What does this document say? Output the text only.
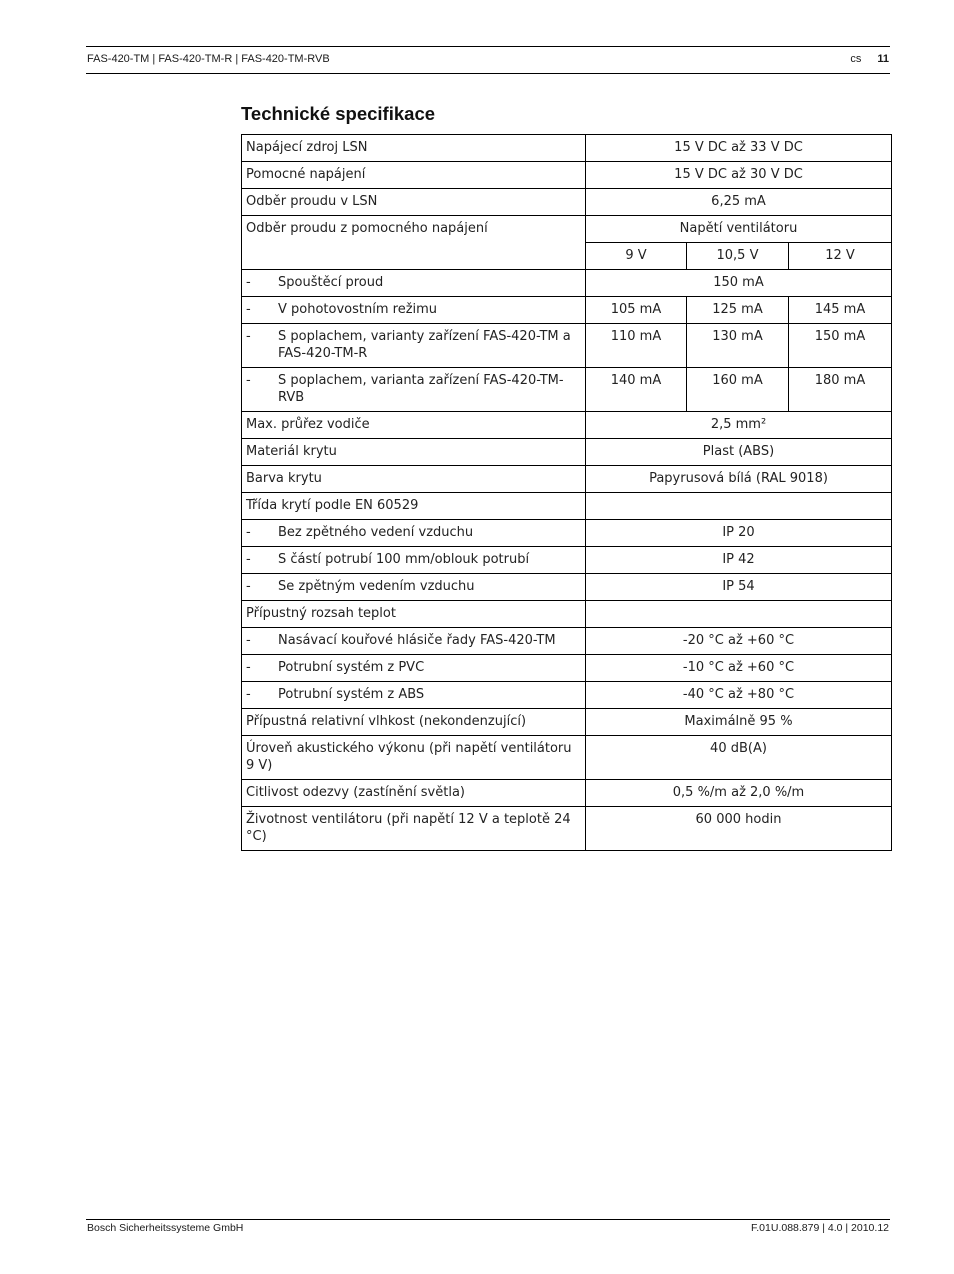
FAS-420-TM | FAS-420-TM-R | FAS-420-TM-RVB	cs 11
Technické specifikace
Napájecí zdroj LSN	15 V DC až 33 V DC		
Pomocné napájení	15 V DC až 30 V DC		
Odběr proudu v LSN	6,25 mA		
Odběr proudu z pomocného napájení	Napětí ventilátoru		
	9 V	10,5 V	12 V

- Spouštěcí proud	150 mA		

- V pohotovostním režimu	105 mA	125 mA	145 mA

- S poplachem, varianty zařízení FAS-420-TM a FAS-420-TM-R	110 mA	130 mA	150 mA

- S poplachem, varianta zařízení FAS-420-TM-RVB	140 mA	160 mA	180 mA
Max. průřez vodiče	2,5 mm²		
Materiál krytu	Plast (ABS)		
Barva krytu	Papyrusová bílá (RAL 9018)		
Třída krytí podle EN 60529			

- Bez zpětného vedení vzduchu	IP 20		

- S částí potrubí 100 mm/oblouk potrubí	IP 42		

- Se zpětným vedením vzduchu	IP 54		
Přípustný rozsah teplot			

- Nasávací kouřové hlásiče řady FAS-420-TM	-20 °C až +60 °C		

- Potrubní systém z PVC	-10 °C až +60 °C		

- Potrubní systém z ABS	-40 °C až +80 °C		
Přípustná relativní vlhkost (nekondenzující)	Maximálně 95 %		
Úroveň akustického výkonu (při napětí ventilátoru 9 V)	40 dB(A)		
Citlivost odezvy (zastínění světla)	0,5 %/m až 2,0 %/m		
Životnost ventilátoru (při napětí 12 V a teplotě 24 °C)	60 000 hodin		
Bosch Sicherheitssysteme GmbH	F.01U.088.879 | 4.0 | 2010.12
